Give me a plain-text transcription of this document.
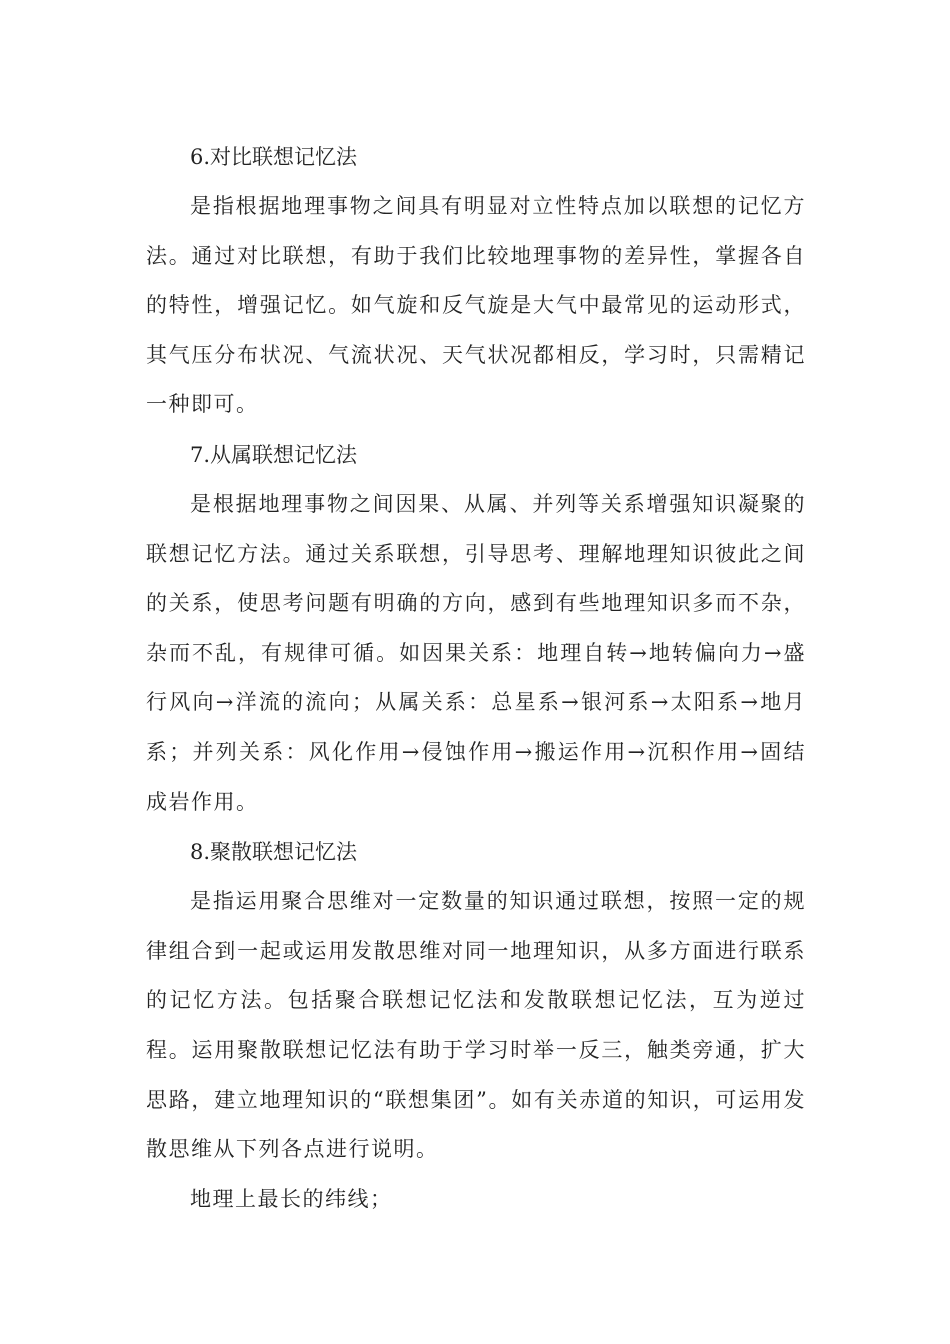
6.对比联想记忆法

是指根据地理事物之间具有明显对立性特点加以联想的记忆方法。通过对比联想，有助于我们比较地理事物的差异性，掌握各自的特性，增强记忆。如气旋和反气旋是大气中最常见的运动形式，其气压分布状况、气流状况、天气状况都相反，学习时，只需精记一种即可。

7.从属联想记忆法

是根据地理事物之间因果、从属、并列等关系增强知识凝聚的联想记忆方法。通过关系联想，引导思考、理解地理知识彼此之间的关系，使思考问题有明确的方向，感到有些地理知识多而不杂，杂而不乱，有规律可循。如因果关系：地理自转→地转偏向力→盛行风向→洋流的流向；从属关系：总星系→银河系→太阳系→地月系；并列关系：风化作用→侵蚀作用→搬运作用→沉积作用→固结成岩作用。

8.聚散联想记忆法

是指运用聚合思维对一定数量的知识通过联想，按照一定的规律组合到一起或运用发散思维对同一地理知识，从多方面进行联系的记忆方法。包括聚合联想记忆法和发散联想记忆法，互为逆过程。运用聚散联想记忆法有助于学习时举一反三，触类旁通，扩大思路，建立地理知识的“联想集团”。如有关赤道的知识，可运用发散思维从下列各点进行说明。

地理上最长的纬线；
